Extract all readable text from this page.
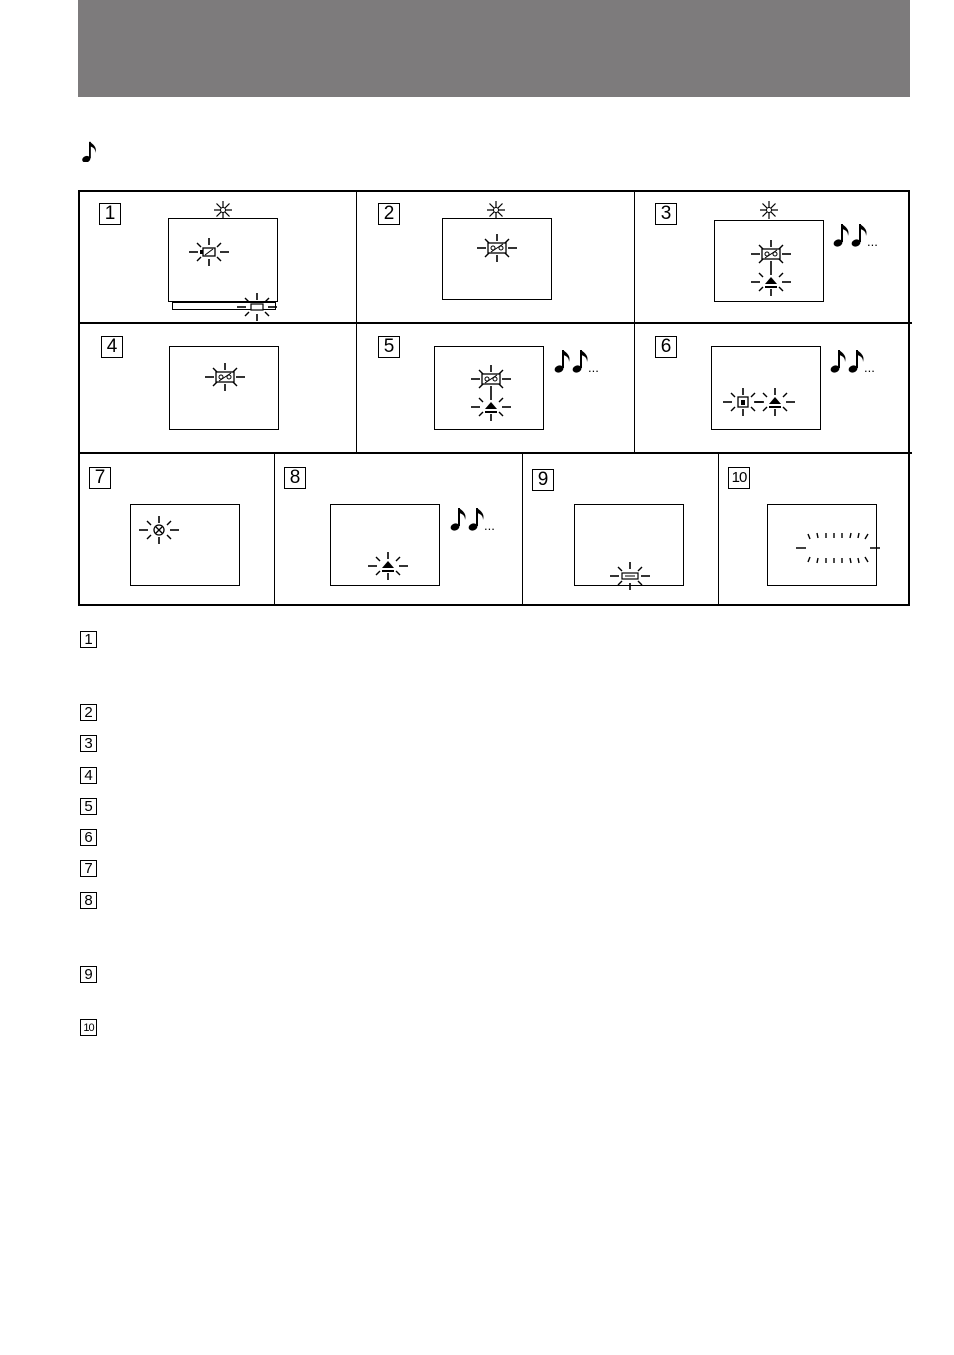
1	2	3
...
4	5
...
6
...
7	8
...
9	10
1
2
3
4
5
6
7
8
9
10
